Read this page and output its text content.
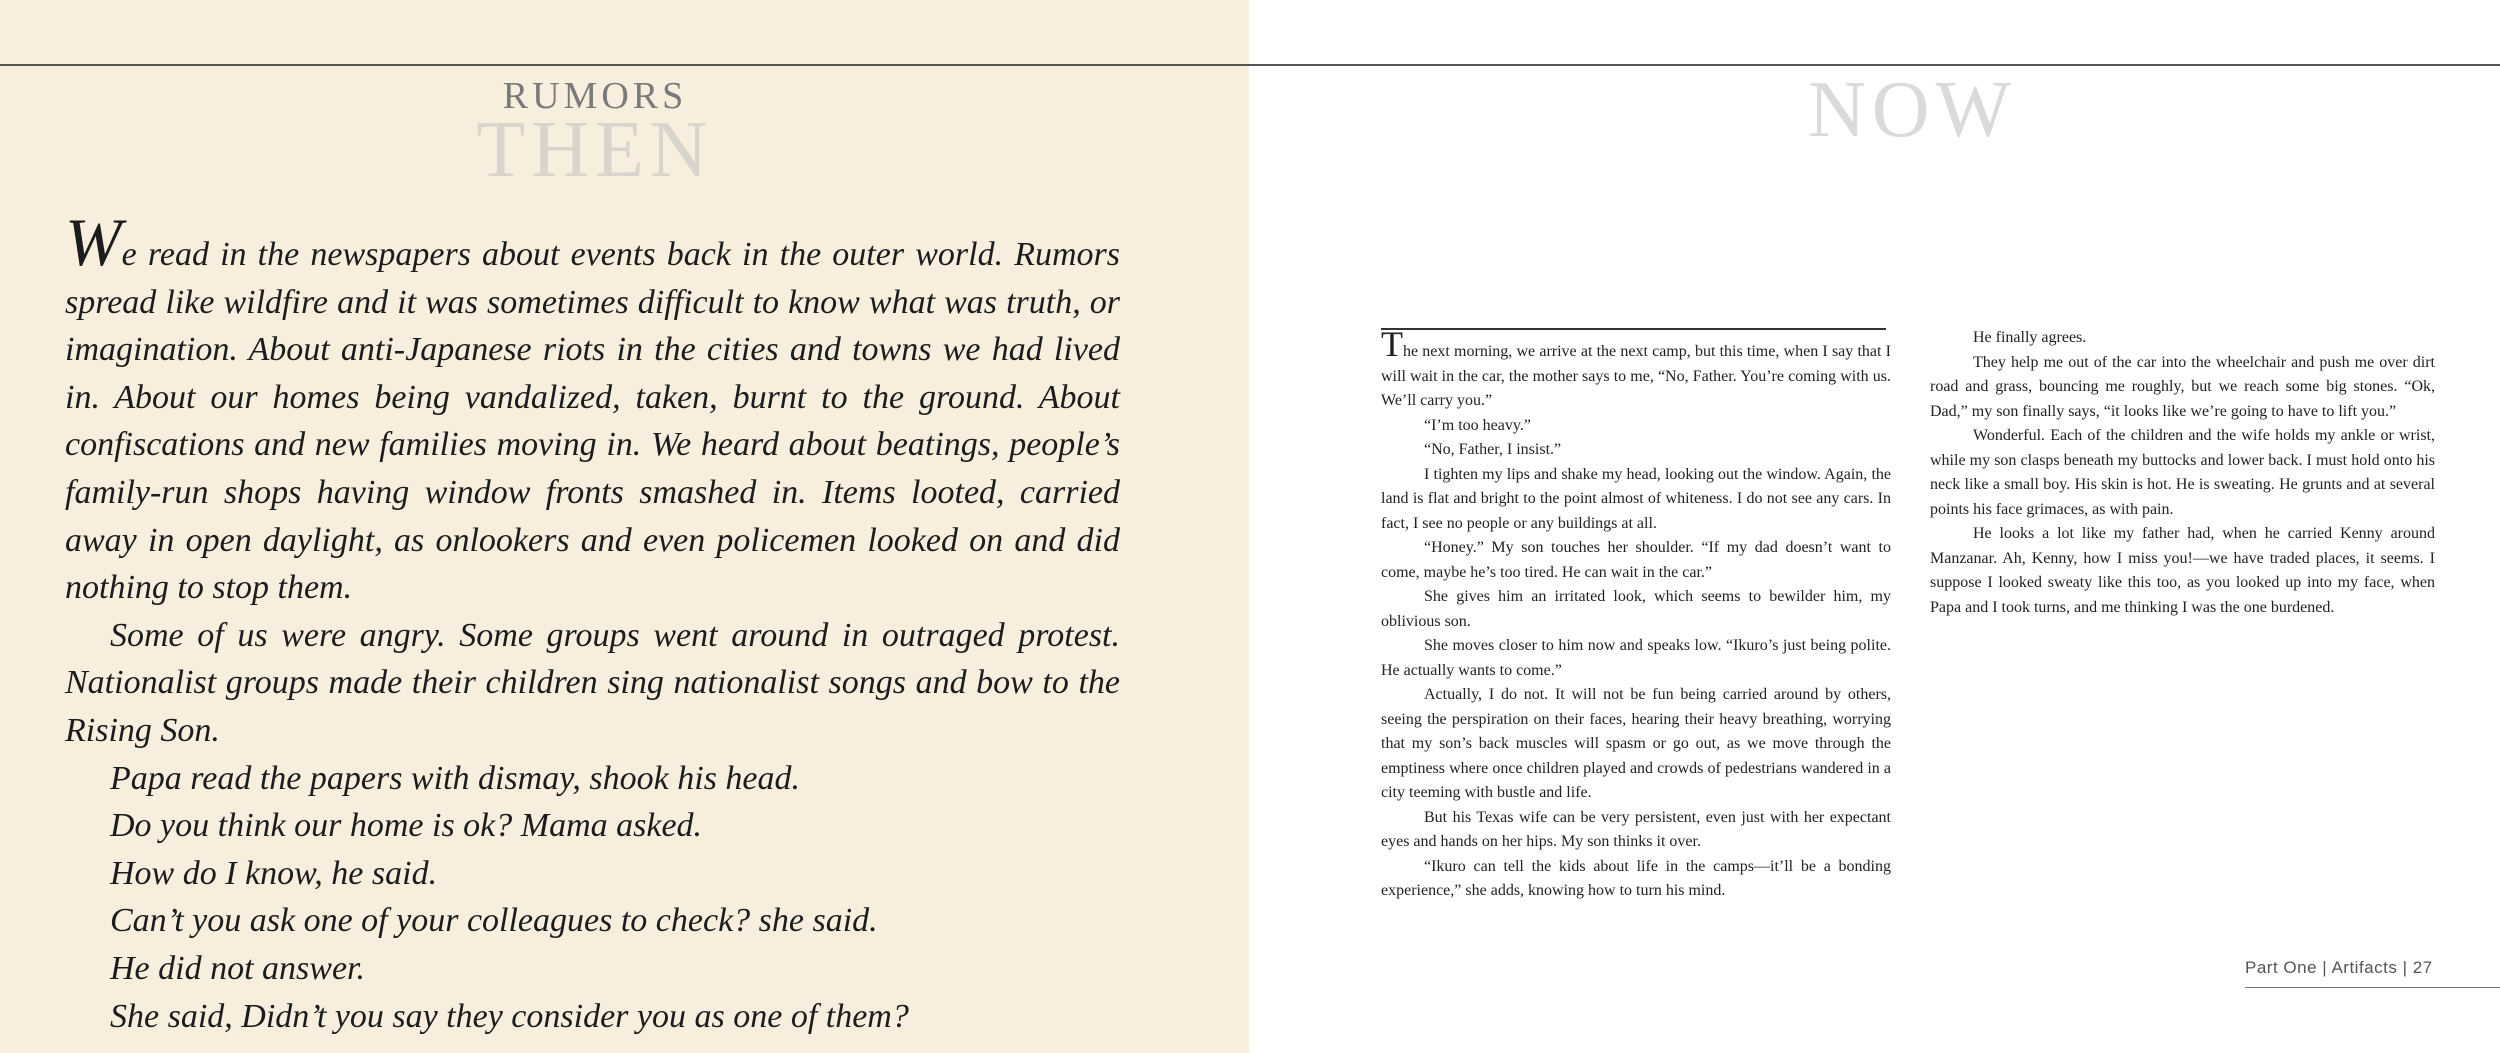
RUMORS
THEN

We read in the newspapers about events back in the outer world. Rumors spread like wildfire and it was sometimes difficult to know what was truth, or imagination. About anti-Japanese riots in the cities and towns we had lived in. About our homes being vandalized, taken, burnt to the ground. About confiscations and new families moving in. We heard about beatings, people’s family-run shops having window fronts smashed in. Items looted, carried away in open daylight, as onlookers and even policemen looked on and did nothing to stop them.

Some of us were angry. Some groups went around in outraged protest. Nationalist groups made their children sing nationalist songs and bow to the Rising Son.

Papa read the papers with dismay, shook his head.

Do you think our home is ok? Mama asked.

How do I know, he said.

Can’t you ask one of your colleagues to check? she said.

He did not answer.

She said, Didn’t you say they consider you as one of them?

NOW

The next morning, we arrive at the next camp, but this time, when I say that I will wait in the car, the mother says to me, “No, Father. You’re coming with us. We’ll carry you.”

“I’m too heavy.”

“No, Father, I insist.”

I tighten my lips and shake my head, looking out the window. Again, the land is flat and bright to the point almost of whiteness. I do not see any cars. In fact, I see no people or any buildings at all.

“Honey.” My son touches her shoulder. “If my dad doesn’t want to come, maybe he’s too tired. He can wait in the car.”

She gives him an irritated look, which seems to bewilder him, my oblivious son.

She moves closer to him now and speaks low. “Ikuro’s just being polite. He actually wants to come.”

Actually, I do not. It will not be fun being carried around by others, seeing the perspiration on their faces, hearing their heavy breathing, worrying that my son’s back muscles will spasm or go out, as we move through the emptiness where once children played and crowds of pedestrians wandered in a city teeming with bustle and life.

But his Texas wife can be very persistent, even just with her expectant eyes and hands on her hips. My son thinks it over.

“Ikuro can tell the kids about life in the camps—it’ll be a bonding experience,” she adds, knowing how to turn his mind.

He finally agrees.

They help me out of the car into the wheelchair and push me over dirt road and grass, bouncing me roughly, but we reach some big stones. “Ok, Dad,” my son finally says, “it looks like we’re going to have to lift you.”

Wonderful. Each of the children and the wife holds my ankle or wrist, while my son clasps beneath my buttocks and lower back. I must hold onto his neck like a small boy. His skin is hot. He is sweating. He grunts and at several points his face grimaces, as with pain.

He looks a lot like my father had, when he carried Kenny around Manzanar. Ah, Kenny, how I miss you!—we have traded places, it seems. I suppose I looked sweaty like this too, as you looked up into my face, when Papa and I took turns, and me thinking I was the one burdened.

Part One | Artifacts | 27
